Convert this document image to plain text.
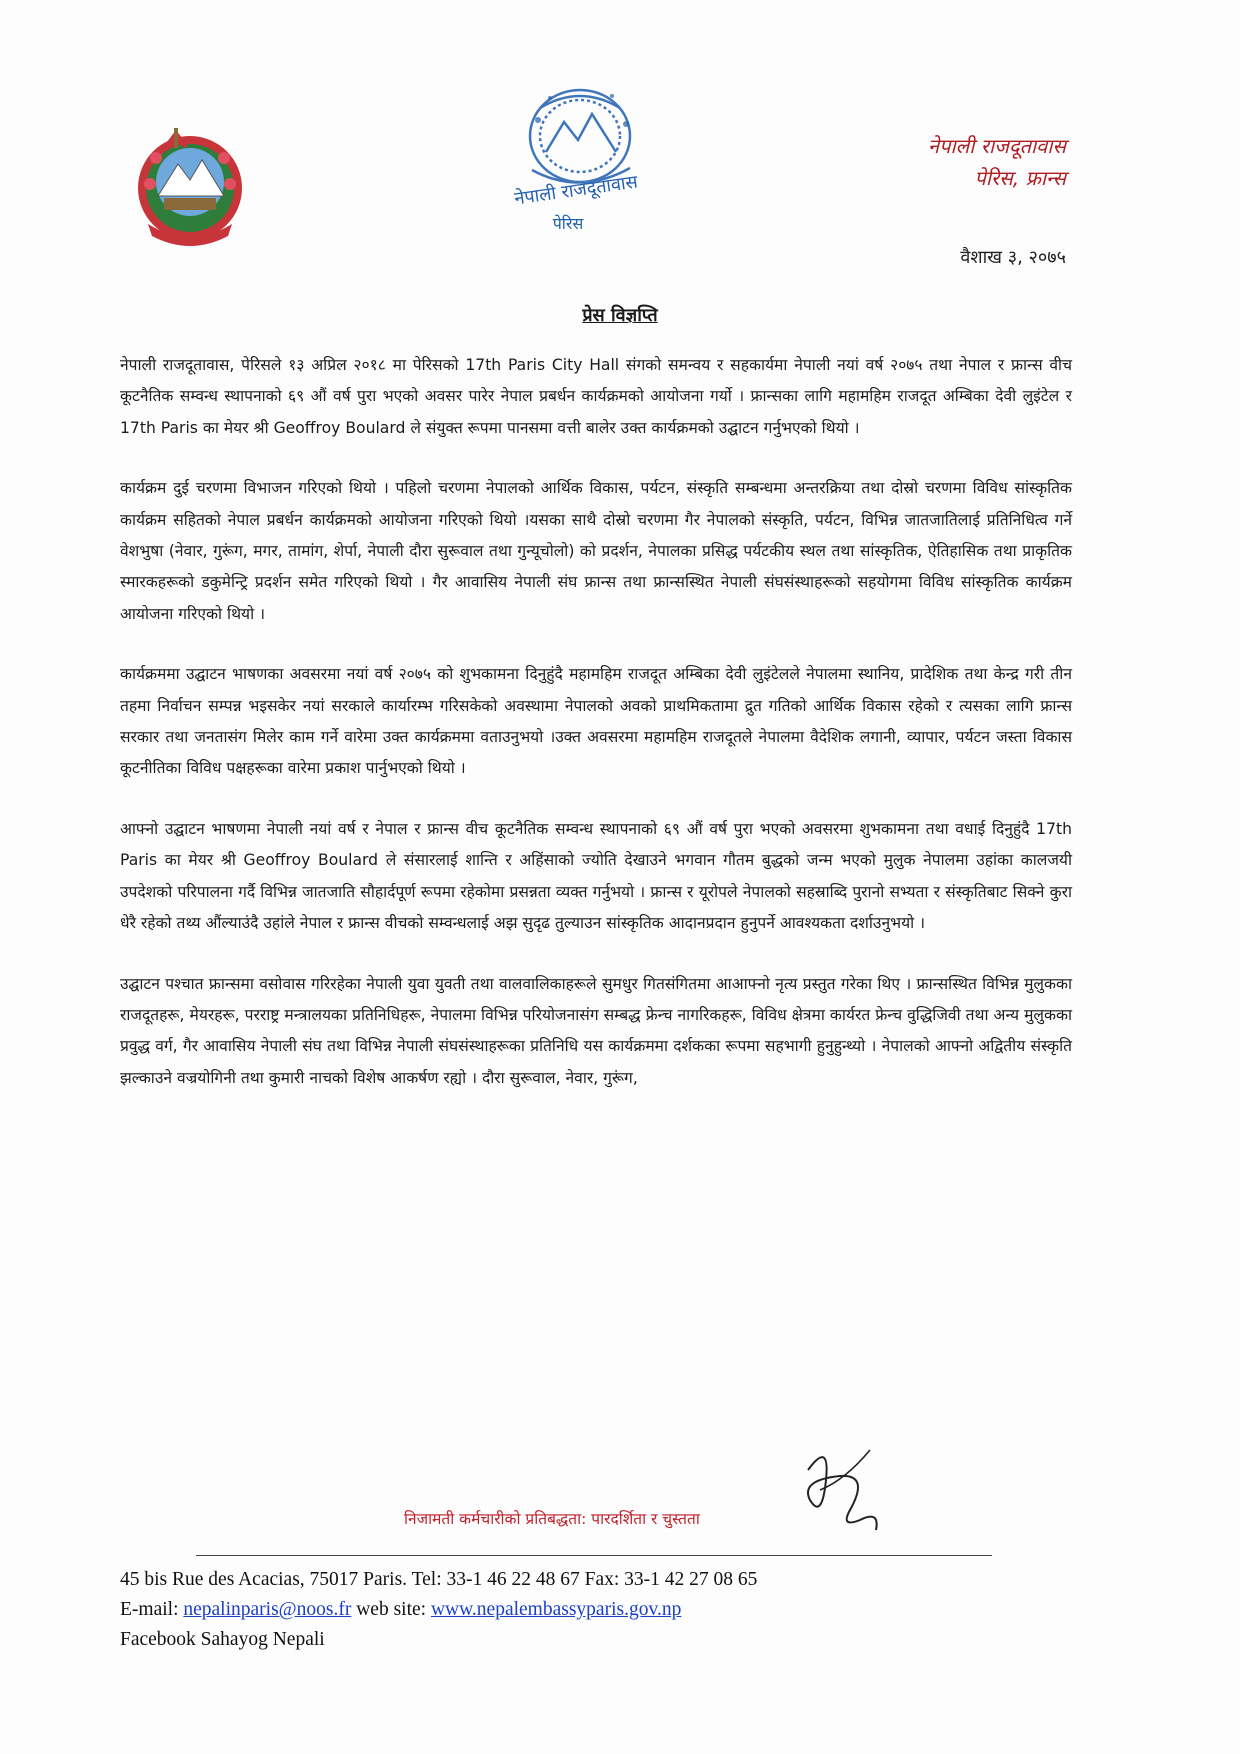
नेपाली राजदूतावास
पेरिस
नेपाली राजदूतावास
पेरिस, फ्रान्स
वैशाख ३, २०७५
प्रेस विज्ञप्ति

नेपाली राजदूतावास, पेरिसले १३ अप्रिल २०१८ मा पेरिसको 17th Paris City Hall संगको समन्वय र सहकार्यमा नेपाली नयां वर्ष २०७५ तथा नेपाल र फ्रान्स वीच कूटनैतिक सम्वन्ध स्थापनाको ६९ औं वर्ष पुरा भएको अवसर पारेर नेपाल प्रबर्धन कार्यक्रमको आयोजना गर्यो । फ्रान्सका लागि महामहिम राजदूत अम्बिका देवी लुइंटेल र 17th Paris का मेयर श्री Geoffroy Boulard ले संयुक्त रूपमा पानसमा वत्ती बालेर उक्त कार्यक्रमको उद्घाटन गर्नुभएको थियो ।

कार्यक्रम दुई चरणमा विभाजन गरिएको थियो । पहिलो चरणमा नेपालको आर्थिक विकास, पर्यटन, संस्कृति सम्बन्धमा अन्तरक्रिया तथा दोस्रो चरणमा विविध सांस्कृतिक कार्यक्रम सहितको नेपाल प्रबर्धन कार्यक्रमको आयोजना गरिएको थियो ।यसका साथै दोस्रो चरणमा गैर नेपालको संस्कृति, पर्यटन, विभिन्न जातजातिलाई प्रतिनिधित्व गर्ने वेशभुषा (नेवार, गुरूंग, मगर, तामांग, शेर्पा, नेपाली दौरा सुरूवाल तथा गुन्यूचोलो) को प्रदर्शन, नेपालका प्रसिद्ध पर्यटकीय स्थल तथा सांस्कृतिक, ऐतिहासिक तथा प्राकृतिक स्मारकहरूको डकुमेन्ट्रि प्रदर्शन समेत गरिएको थियो । गैर आवासिय नेपाली संघ फ्रान्स तथा फ्रान्सस्थित नेपाली संघसंस्थाहरूको सहयोगमा विविध सांस्कृतिक कार्यक्रम आयोजना गरिएको थियो ।

कार्यक्रममा उद्घाटन भाषणका अवसरमा नयां वर्ष २०७५ को शुभकामना दिनुहुंदै महामहिम राजदूत अम्बिका देवी लुइंटेलले नेपालमा स्थानिय, प्रादेशिक तथा केन्द्र गरी तीन तहमा निर्वाचन सम्पन्न भइसकेर नयां सरकाले कार्यारम्भ गरिसकेको अवस्थामा नेपालको अवको प्राथमिकतामा द्रुत गतिको आर्थिक विकास रहेको र त्यसका लागि फ्रान्स सरकार तथा जनतासंग मिलेर काम गर्ने वारेमा उक्त कार्यक्रममा वताउनुभयो ।उक्त अवसरमा महामहिम राजदूतले नेपालमा वैदेशिक लगानी, व्यापार, पर्यटन जस्ता विकास कूटनीतिका विविध पक्षहरूका वारेमा प्रकाश पार्नुभएको थियो ।

आफ्नो उद्घाटन भाषणमा नेपाली नयां वर्ष र नेपाल र फ्रान्स वीच कूटनैतिक सम्वन्ध स्थापनाको ६९ औं वर्ष पुरा भएको अवसरमा शुभकामना तथा वधाई दिनुहुंदै 17th Paris का मेयर श्री Geoffroy Boulard ले संसारलाई शान्ति र अहिंसाको ज्योति देखाउने भगवान गौतम बुद्धको जन्म भएको मुलुक नेपालमा उहांका कालजयी उपदेशको परिपालना गर्दै विभिन्न जातजाति सौहार्दपूर्ण रूपमा रहेकोमा प्रसन्नता व्यक्त गर्नुभयो । फ्रान्स र यूरोपले नेपालको सहस्राब्दि पुरानो सभ्यता र संस्कृतिबाट सिक्ने कुरा धेरै रहेको तथ्य औंल्याउंदै उहांले नेपाल र फ्रान्स वीचको सम्वन्धलाई अझ सुदृढ तुल्याउन सांस्कृतिक आदानप्रदान हुनुपर्ने आवश्यकता दर्शाउनुभयो ।

उद्घाटन पश्चात फ्रान्समा वसोवास गरिरहेका नेपाली युवा युवती तथा वालवालिकाहरूले सुमधुर गितसंगितमा आआफ्नो नृत्य प्रस्तुत गरेका थिए । फ्रान्सस्थित विभिन्न मुलुकका राजदूतहरू, मेयरहरू, परराष्ट्र मन्त्रालयका प्रतिनिधिहरू, नेपालमा विभिन्न परियोजनासंग सम्बद्ध फ्रेन्च नागरिकहरू, विविध क्षेत्रमा कार्यरत फ्रेन्च वुद्धिजिवी तथा अन्य मुलुकका प्रवुद्ध वर्ग, गैर आवासिय नेपाली संघ तथा विभिन्न नेपाली संघसंस्थाहरूका प्रतिनिधि यस कार्यक्रममा दर्शकका रूपमा सहभागी हुनुहुन्थ्यो । नेपालको आफ्नो अद्वितीय संस्कृति झल्काउने वज्रयोगिनी तथा कुमारी नाचको विशेष आकर्षण रह्यो । दौरा सुरूवाल, नेवार, गुरूंग,

निजामती कर्मचारीको प्रतिबद्धता: पारदर्शिता र चुस्तता
45 bis Rue des Acacias, 75017 Paris. Tel: 33-1 46 22 48 67 Fax: 33-1 42 27 08 65
E-mail: nepalinparis@noos.fr web site: www.nepalembassyparis.gov.np
Facebook Sahayog Nepali
